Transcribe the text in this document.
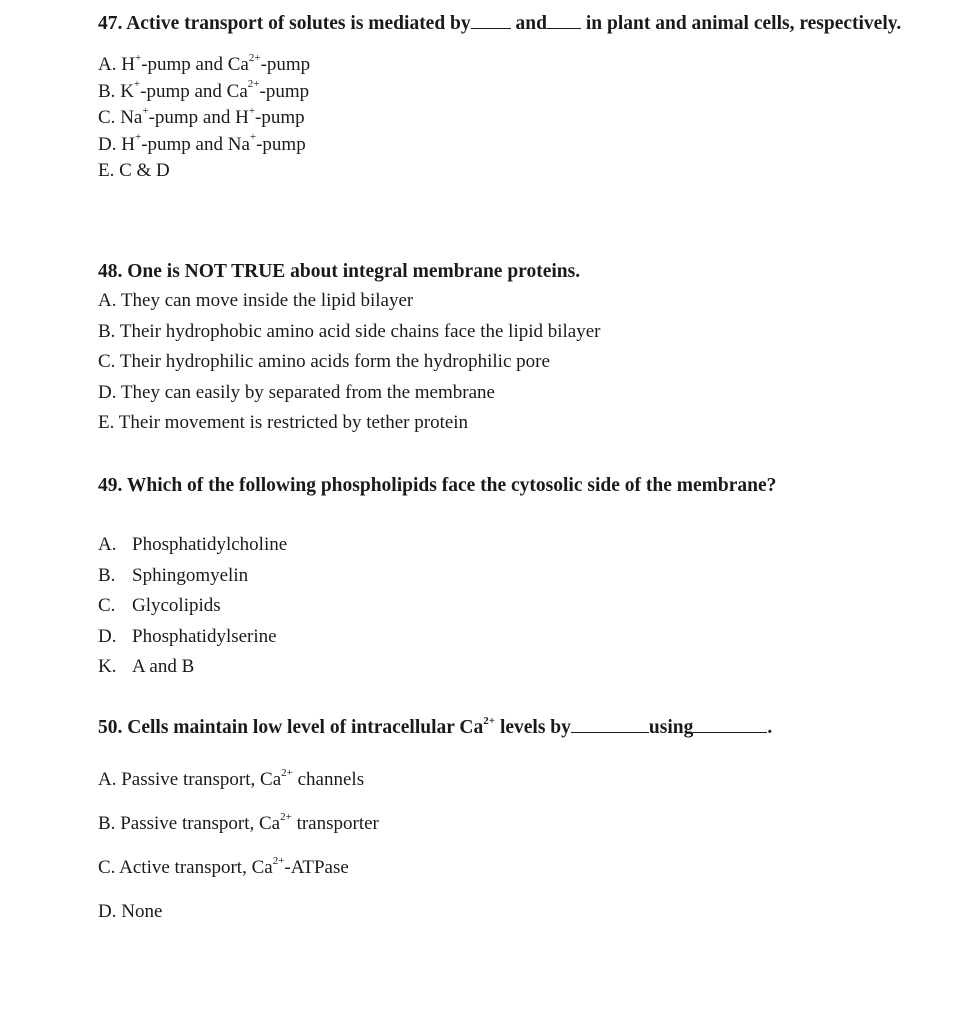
47. Active transport of solutes is mediated by and in plant and animal cells, respectively.

A. H+-pump and $Ca^{2+}$-pump
B. K+-pump and $Ca^{2+}$-pump
C. Na+-pump and H+-pump
D. H+-pump and Na+-pump
E. C & D

48. One is NOT TRUE about integral membrane proteins.

A. They can move inside the lipid bilayer
B. Their hydrophobic amino acid side chains face the lipid bilayer
C. Their hydrophilic amino acids form the hydrophilic pore
D. They can easily by separated from the membrane
E. Their movement is restricted by tether protein

49. Which of the following phospholipids face the cytosolic side of the membrane?

A. Phosphatidylcholine
B. Sphingomyelin
C. Glycolipids
D. Phosphatidylserine
K. A and B

50. Cells maintain low level of intracellular $Ca^{2+}$ levels by	using	.

A. Passive transport, $Ca^{2+}$ channels
B. Passive transport, $Ca^{2+}$ transporter
C. Active transport, $Ca^{2+}$-ATPase
D. None
